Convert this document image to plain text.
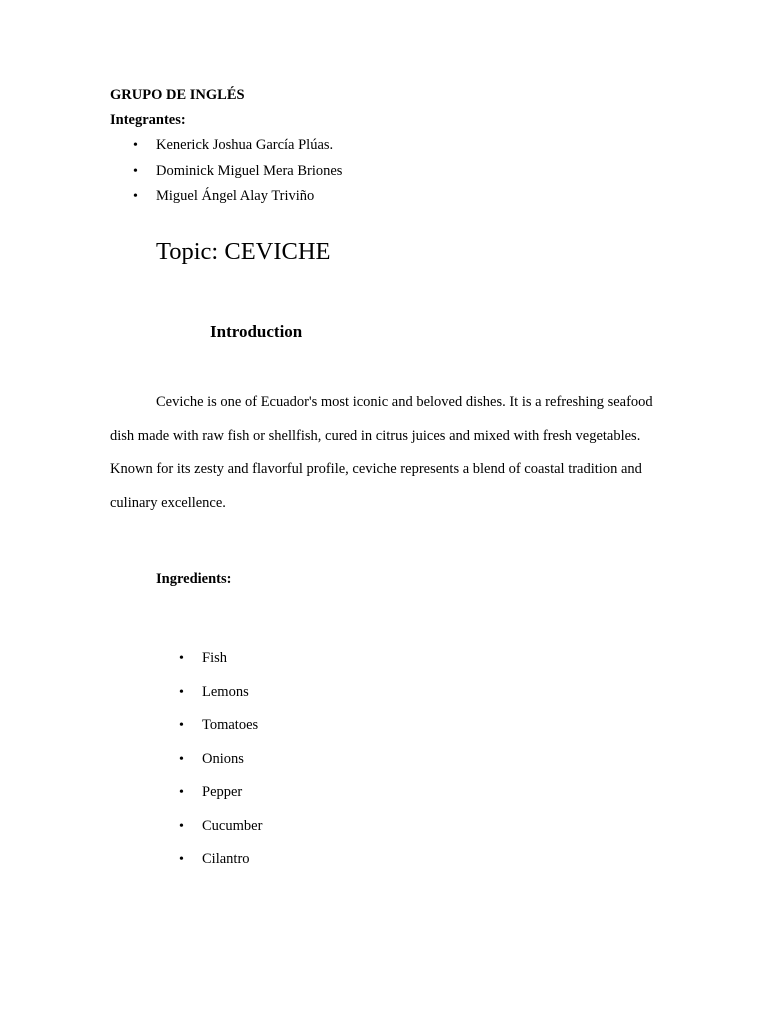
GRUPO DE INGLÉS
Integrantes:
• Kenerick Joshua García Plúas.
• Dominick Miguel Mera Briones
• Miguel Ángel Alay Triviño
Topic: CEVICHE
Introduction

Ceviche is one of Ecuador's most iconic and beloved dishes. It is a refreshing seafood dish made with raw fish or shellfish, cured in citrus juices and mixed with fresh vegetables. Known for its zesty and flavorful profile, ceviche represents a blend of coastal tradition and culinary excellence.

Ingredients:
• Fish
• Lemons
• Tomatoes
• Onions
• Pepper
• Cucumber
• Cilantro
